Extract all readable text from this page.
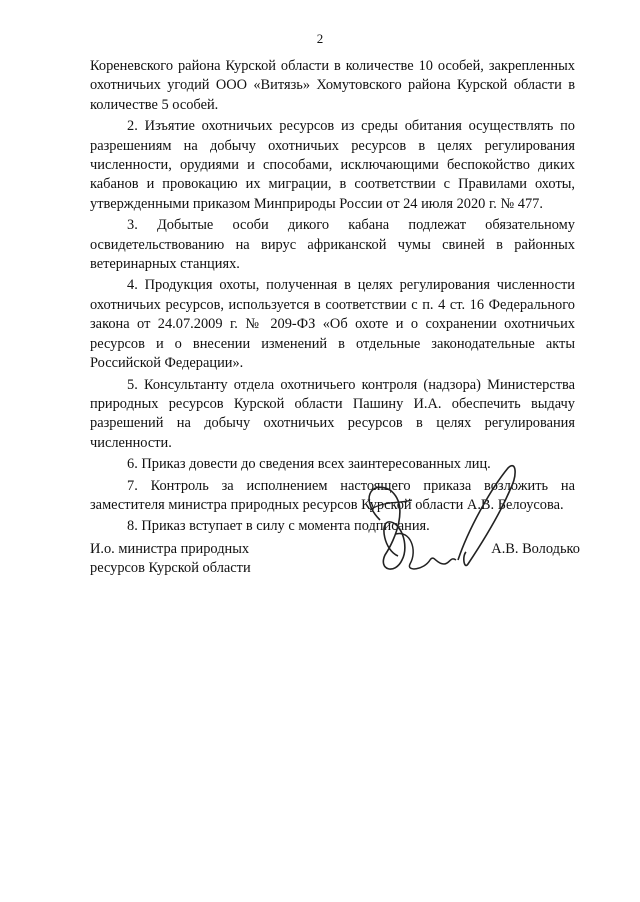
2

Кореневского района Курской области в количестве 10 особей, закрепленных охотничьих угодий ООО «Витязь» Хомутовского района Курской области в количестве 5 особей.

2. Изъятие охотничьих ресурсов из среды обитания осуществлять по разрешениям на добычу охотничьих ресурсов в целях регулирования численности, орудиями и способами, исключающими беспокойство диких кабанов и провокацию их миграции, в соответствии с Правилами охоты, утвержденными приказом Минприроды России от 24 июля 2020 г. № 477.

3. Добытые особи дикого кабана подлежат обязательному освидетельствованию на вирус африканской чумы свиней в районных ветеринарных станциях.

4. Продукция охоты, полученная в целях регулирования численности охотничьих ресурсов, используется в соответствии с п. 4 ст. 16 Федерального закона от 24.07.2009 г. № 209-ФЗ «Об охоте и о сохранении охотничьих ресурсов и о внесении изменений в отдельные законодательные акты Российской Федерации».

5. Консультанту отдела охотничьего контроля (надзора) Министерства природных ресурсов Курской области Пашину И.А. обеспечить выдачу разрешений на добычу охотничьих ресурсов в целях регулирования численности.

6. Приказ довести до сведения всех заинтересованных лиц.

7. Контроль за исполнением настоящего приказа возложить на заместителя министра природных ресурсов Курской области А.В. Белоусова.

8. Приказ вступает в силу с момента подписания.

И.о. министра природных
ресурсов Курской области
А.В. Володько
